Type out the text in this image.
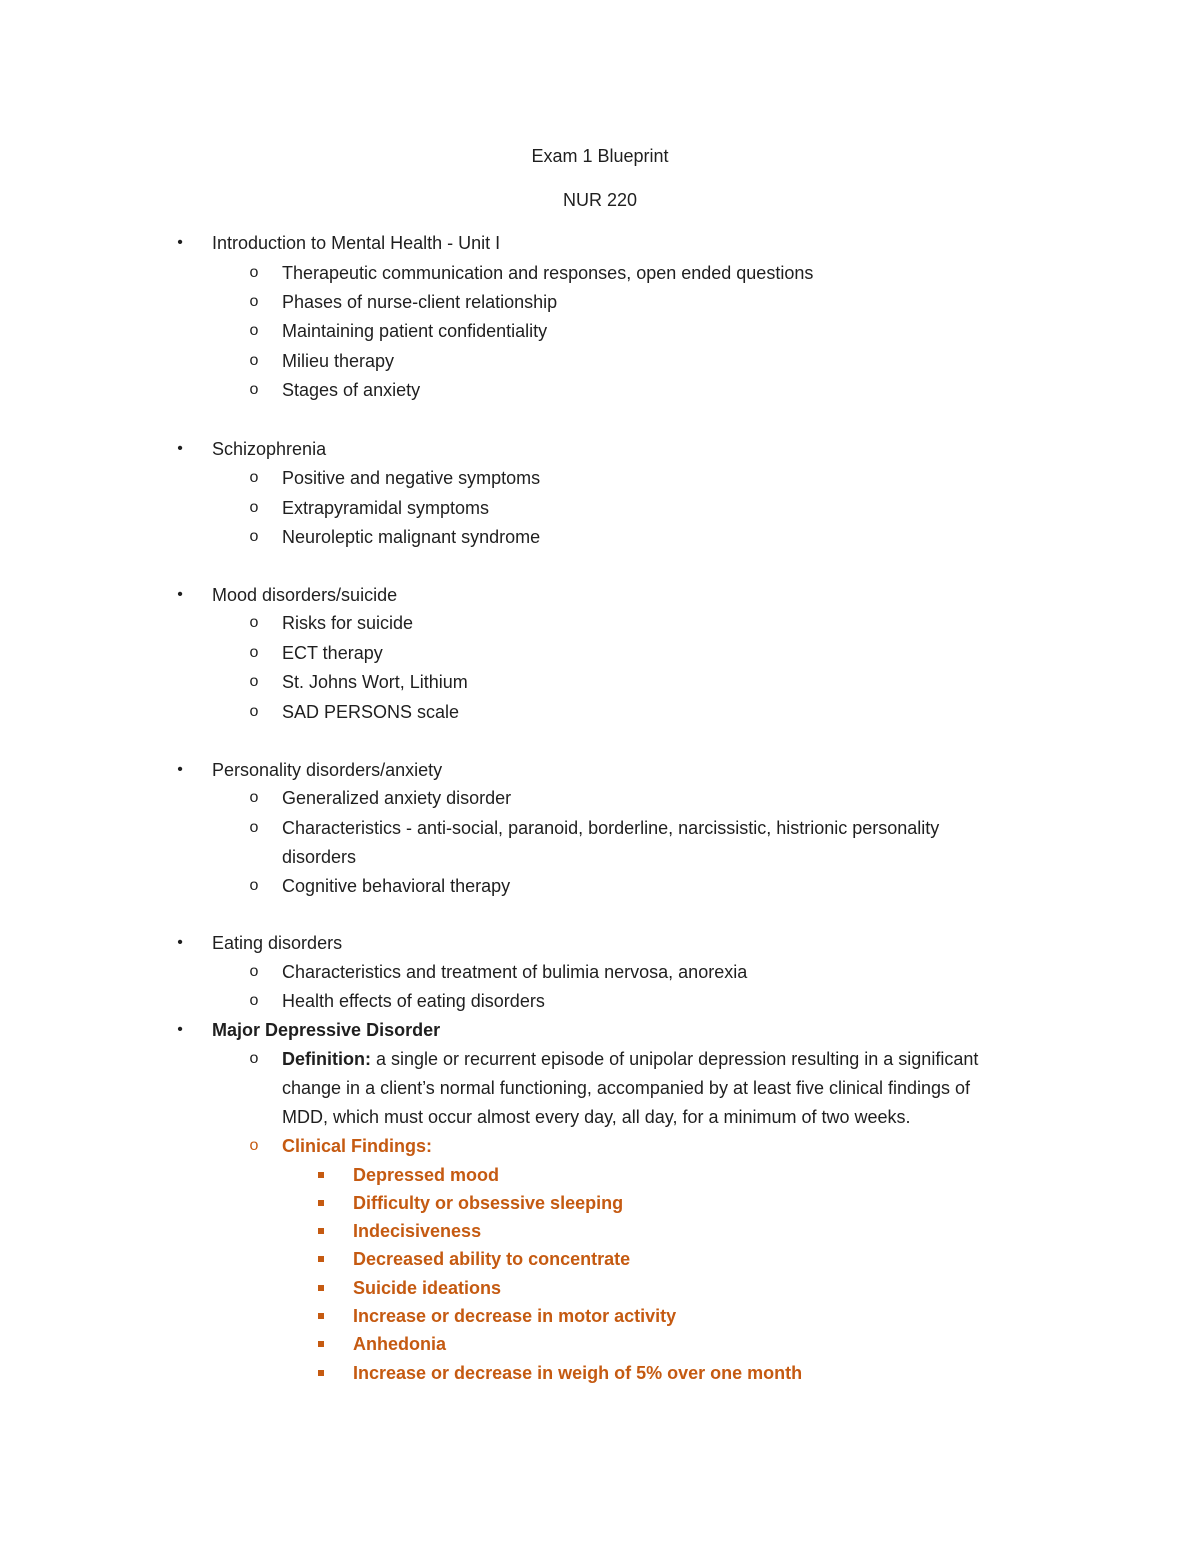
Exam 1 Blueprint
NUR 220
• Introduction to Mental Health - Unit I
o Therapeutic communication and responses, open ended questions
o Phases of nurse-client relationship
o Maintaining patient confidentiality
o Milieu therapy
o Stages of anxiety
• Schizophrenia
o Positive and negative symptoms
o Extrapyramidal symptoms
o Neuroleptic malignant syndrome
• Mood disorders/suicide
o Risks for suicide
o ECT therapy
o St. Johns Wort, Lithium
o SAD PERSONS scale
• Personality disorders/anxiety
o Generalized anxiety disorder
o Characteristics - anti-social, paranoid, borderline, narcissistic, histrionic personality
disorders
o Cognitive behavioral therapy
• Eating disorders
o Characteristics and treatment of bulimia nervosa, anorexia
o Health effects of eating disorders
• Major Depressive Disorder
o Definition: a single or recurrent episode of unipolar depression resulting in a significant
change in a client’s normal functioning, accompanied by at least five clinical findings of
MDD, which must occur almost every day, all day, for a minimum of two weeks.
o Clinical Findings:
Depressed mood
Difficulty or obsessive sleeping
Indecisiveness
Decreased ability to concentrate
Suicide ideations
Increase or decrease in motor activity
Anhedonia
Increase or decrease in weigh of 5% over one month
